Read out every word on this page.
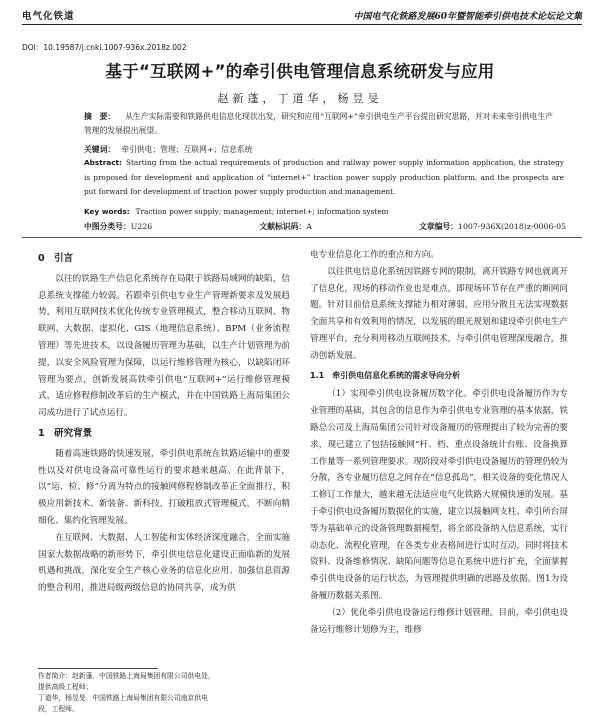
电气化铁道	中国电气化铁路发展60年暨智能牵引供电技术论坛论文集
DOI：10.19587/j.cnki.1007-936x.2018z.002
基于“互联网+”的牵引供电管理信息系统研发与应用
赵新蓬，丁道华，杨昱旻
摘　要： 从生产实际需要和铁路供电信息化现状出发，研究和应用“互联网+”牵引供电生产平台提出研究思路，并对未来牵引供电生产管理的发展提出展望。
关键词： 牵引供电；管理；互联网+；信息系统
Abstract: Starting from the actual requirements of production and railway power supply information application, the strategy is proposed for development and application of “internet+” traction power supply production platform, and the prospects are put forward for development of traction power supply production and management.
Key words: Traction power supply; management; internet+; information system
中图分类号：U226	文献标识码：A	文章编号：1007-936X(2018)z-0006-05

0　引言

以往的铁路生产信息化系统存在局限于铁路局域网的缺陷，信息系统支撑能力较弱。若跟牵引供电专业生产管理新要求及发展趋势，利用互联网技术优化传统专业管理模式，整合移动互联网、物联网、大数据、虚拟化、GIS（地理信息系统）、BPM（业务流程管理）等先进技术，以设备履历管理为基础，以生产计划管理为前提，以安全风险管理为保障，以运行维修管理为核心，以缺陷闭环管理为要点，创新发展高铁牵引供电“互联网+”运行维修管理模式，适应修程修制改革后的生产模式，并在中国铁路上海局集团公司成功进行了试点运行。

1　研究背景

随着高速铁路的快速发展，牵引供电系统在铁路运输中的重要性以及对供电设备高可靠性运行的要求越来越高。在此背景下，以“运、检、修”分离为特点的接触网修程修制改革正全面推行，积极应用新技术、新装备、新科技，打破粗放式管理模式，不断向精细化、集约化管理发展。

在互联网、大数据、人工智能和实体经济深度融合，全面实施国家大数据战略的新形势下，牵引供电信息化建设正面临新的发展机遇和挑战，深化安全生产核心业务的信息化应用、加强信息资源的整合利用，推进局级两级信息的协同共享，成为供

电专业信息化工作的重点和方向。

以往供电信息化系统因铁路专网的限制，离开铁路专网也就离开了信息化，现场的移动作业也是难点，即现场环节存在严重的断网问题。针对目前信息系统支撑能力相对薄弱，应用分散且无法实现数据全面共享和有效利用的情况，以发展的眼光规划和建设牵引供电生产管理平台，充分利用移动互联网技术，与牵引供电管理深度融合，推动创新发展。

1.1　牵引供电信息化系统的需求导向分析

（1）实现牵引供电设备履历数字化。牵引供电设备履历作为专业管理的基础，其包含的信息作为牵引供电专业管理的基本依据，铁路总公司及上海局集团公司针对设备履历的管理提出了较为完善的要求，现已建立了包括接触网“杆、档、重点设备统计台账、设备换算工作量等一系列管理要求。现阶段对牵引供电设备履历的管理仍较为分散，各专业履历信息之间存在“信息孤岛”，相关设备的变化情况人工修订工作量大，越来越无法适应电气化铁路大规模快速的发展。基于牵引供电设备履历数据化的实施，建立以接触网支柱、牵引所台屏等为基础单元的设备管理数据模型，将全部设备纳入信息系统，实行动态化、流程化管理，在各类专业表格间进行实时互动，同时将技术资料、设备维修情况、缺陷问题等信息在系统中进行扩充，全面掌握牵引供电设备的运行状态，为管理提供明确的思路及依据。图1为设备履历数据关系图。

（2）优化牵引供电设备运行维修计划管理。目前，牵引供电设备运行维修计划修为主，维修

作者简介：赵新蓬．中国铁路上海局集团有限公司供电处，
提供高级工程师；
丁道华，杨昱旻．中国铁路上海局集团有限公司南京供电
段，工程师。
